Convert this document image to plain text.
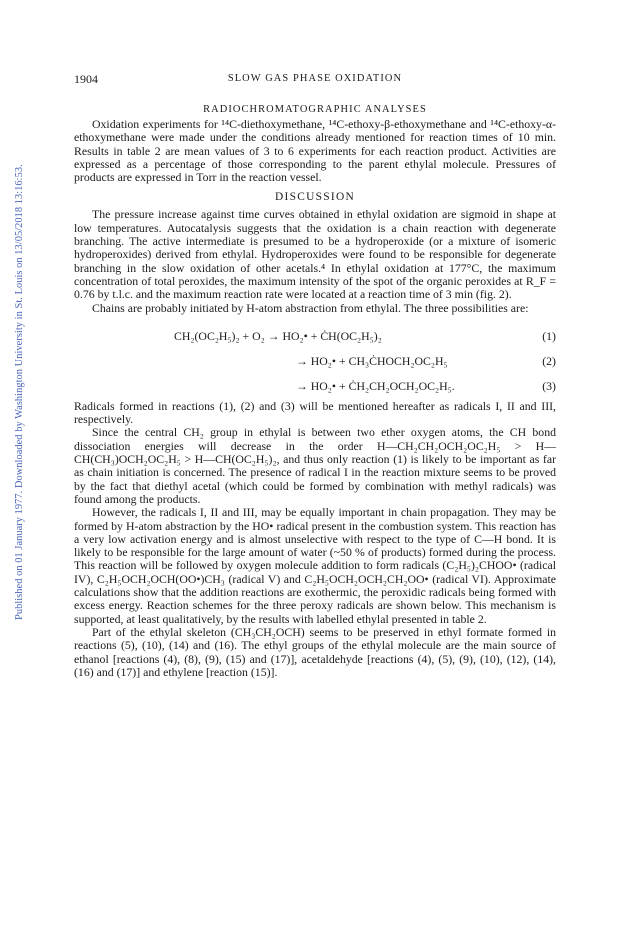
Published on 01 January 1977. Downloaded by Washington University in St. Louis on 13/05/2018 13:16:53.
1904	SLOW GAS PHASE OXIDATION
RADIOCHROMATOGRAPHIC ANALYSES

Oxidation experiments for ¹⁴C-diethoxymethane, ¹⁴C-ethoxy-β-ethoxymethane and ¹⁴C-ethoxy-α-ethoxymethane were made under the conditions already mentioned for reaction times of 10 min. Results in table 2 are mean values of 3 to 6 experiments for each reaction product. Activities are expressed as a percentage of those corresponding to the parent ethylal molecule. Pressures of products are expressed in Torr in the reaction vessel.

DISCUSSION

The pressure increase against time curves obtained in ethylal oxidation are sigmoid in shape at low temperatures. Autocatalysis suggests that the oxidation is a chain reaction with degenerate branching. The active intermediate is presumed to be a hydroperoxide (or a mixture of isomeric hydroperoxides) derived from ethylal. Hydroperoxides were found to be responsible for degenerate branching in the slow oxidation of other acetals.⁴ In ethylal oxidation at 177°C, the maximum concentration of total peroxides, the maximum intensity of the spot of the organic peroxides at R_F = 0.76 by t.l.c. and the maximum reaction rate were located at a reaction time of 3 min (fig. 2).

Chains are probably initiated by H-atom abstraction from ethylal. The three possibilities are:

CH₂(OC₂H₅)₂ + O₂ → HO₂• + ĊH(OC₂H₅)₂	(1)
→ HO₂• + CH₃ĊHOCH₂OC₂H₅	(2)
→ HO₂• + ĊH₂CH₂OCH₂OC₂H₅.	(3)

Radicals formed in reactions (1), (2) and (3) will be mentioned hereafter as radicals I, II and III, respectively.

Since the central CH₂ group in ethylal is between two ether oxygen atoms, the CH bond dissociation energies will decrease in the order H—CH₂CH₂OCH₂OC₂H₅ > H—CH(CH₃)OCH₂OC₂H₅ > H—CH(OC₂H₅)₂, and thus only reaction (1) is likely to be important as far as chain initiation is concerned. The presence of radical I in the reaction mixture seems to be proved by the fact that diethyl acetal (which could be formed by combination with methyl radicals) was found among the products.

However, the radicals I, II and III, may be equally important in chain propagation. They may be formed by H-atom abstraction by the HO• radical present in the combustion system. This reaction has a very low activation energy and is almost unselective with respect to the type of C—H bond. It is likely to be responsible for the large amount of water (~50 % of products) formed during the process. This reaction will be followed by oxygen molecule addition to form radicals (C₂H₅)₂CHOO• (radical IV), C₂H₅OCH₂OCH(OO•)CH₃ (radical V) and C₂H₅OCH₂OCH₂CH₂OO• (radical VI). Approximate calculations show that the addition reactions are exothermic, the peroxidic radicals being formed with excess energy. Reaction schemes for the three peroxy radicals are shown below. This mechanism is supported, at least qualitatively, by the results with labelled ethylal presented in table 2.

Part of the ethylal skeleton (CH₃CH₂OCH) seems to be preserved in ethyl formate formed in reactions (5), (10), (14) and (16). The ethyl groups of the ethylal molecule are the main source of ethanol [reactions (4), (8), (9), (15) and (17)], acetaldehyde [reactions (4), (5), (9), (10), (12), (14), (16) and (17)] and ethylene [reaction (15)].
